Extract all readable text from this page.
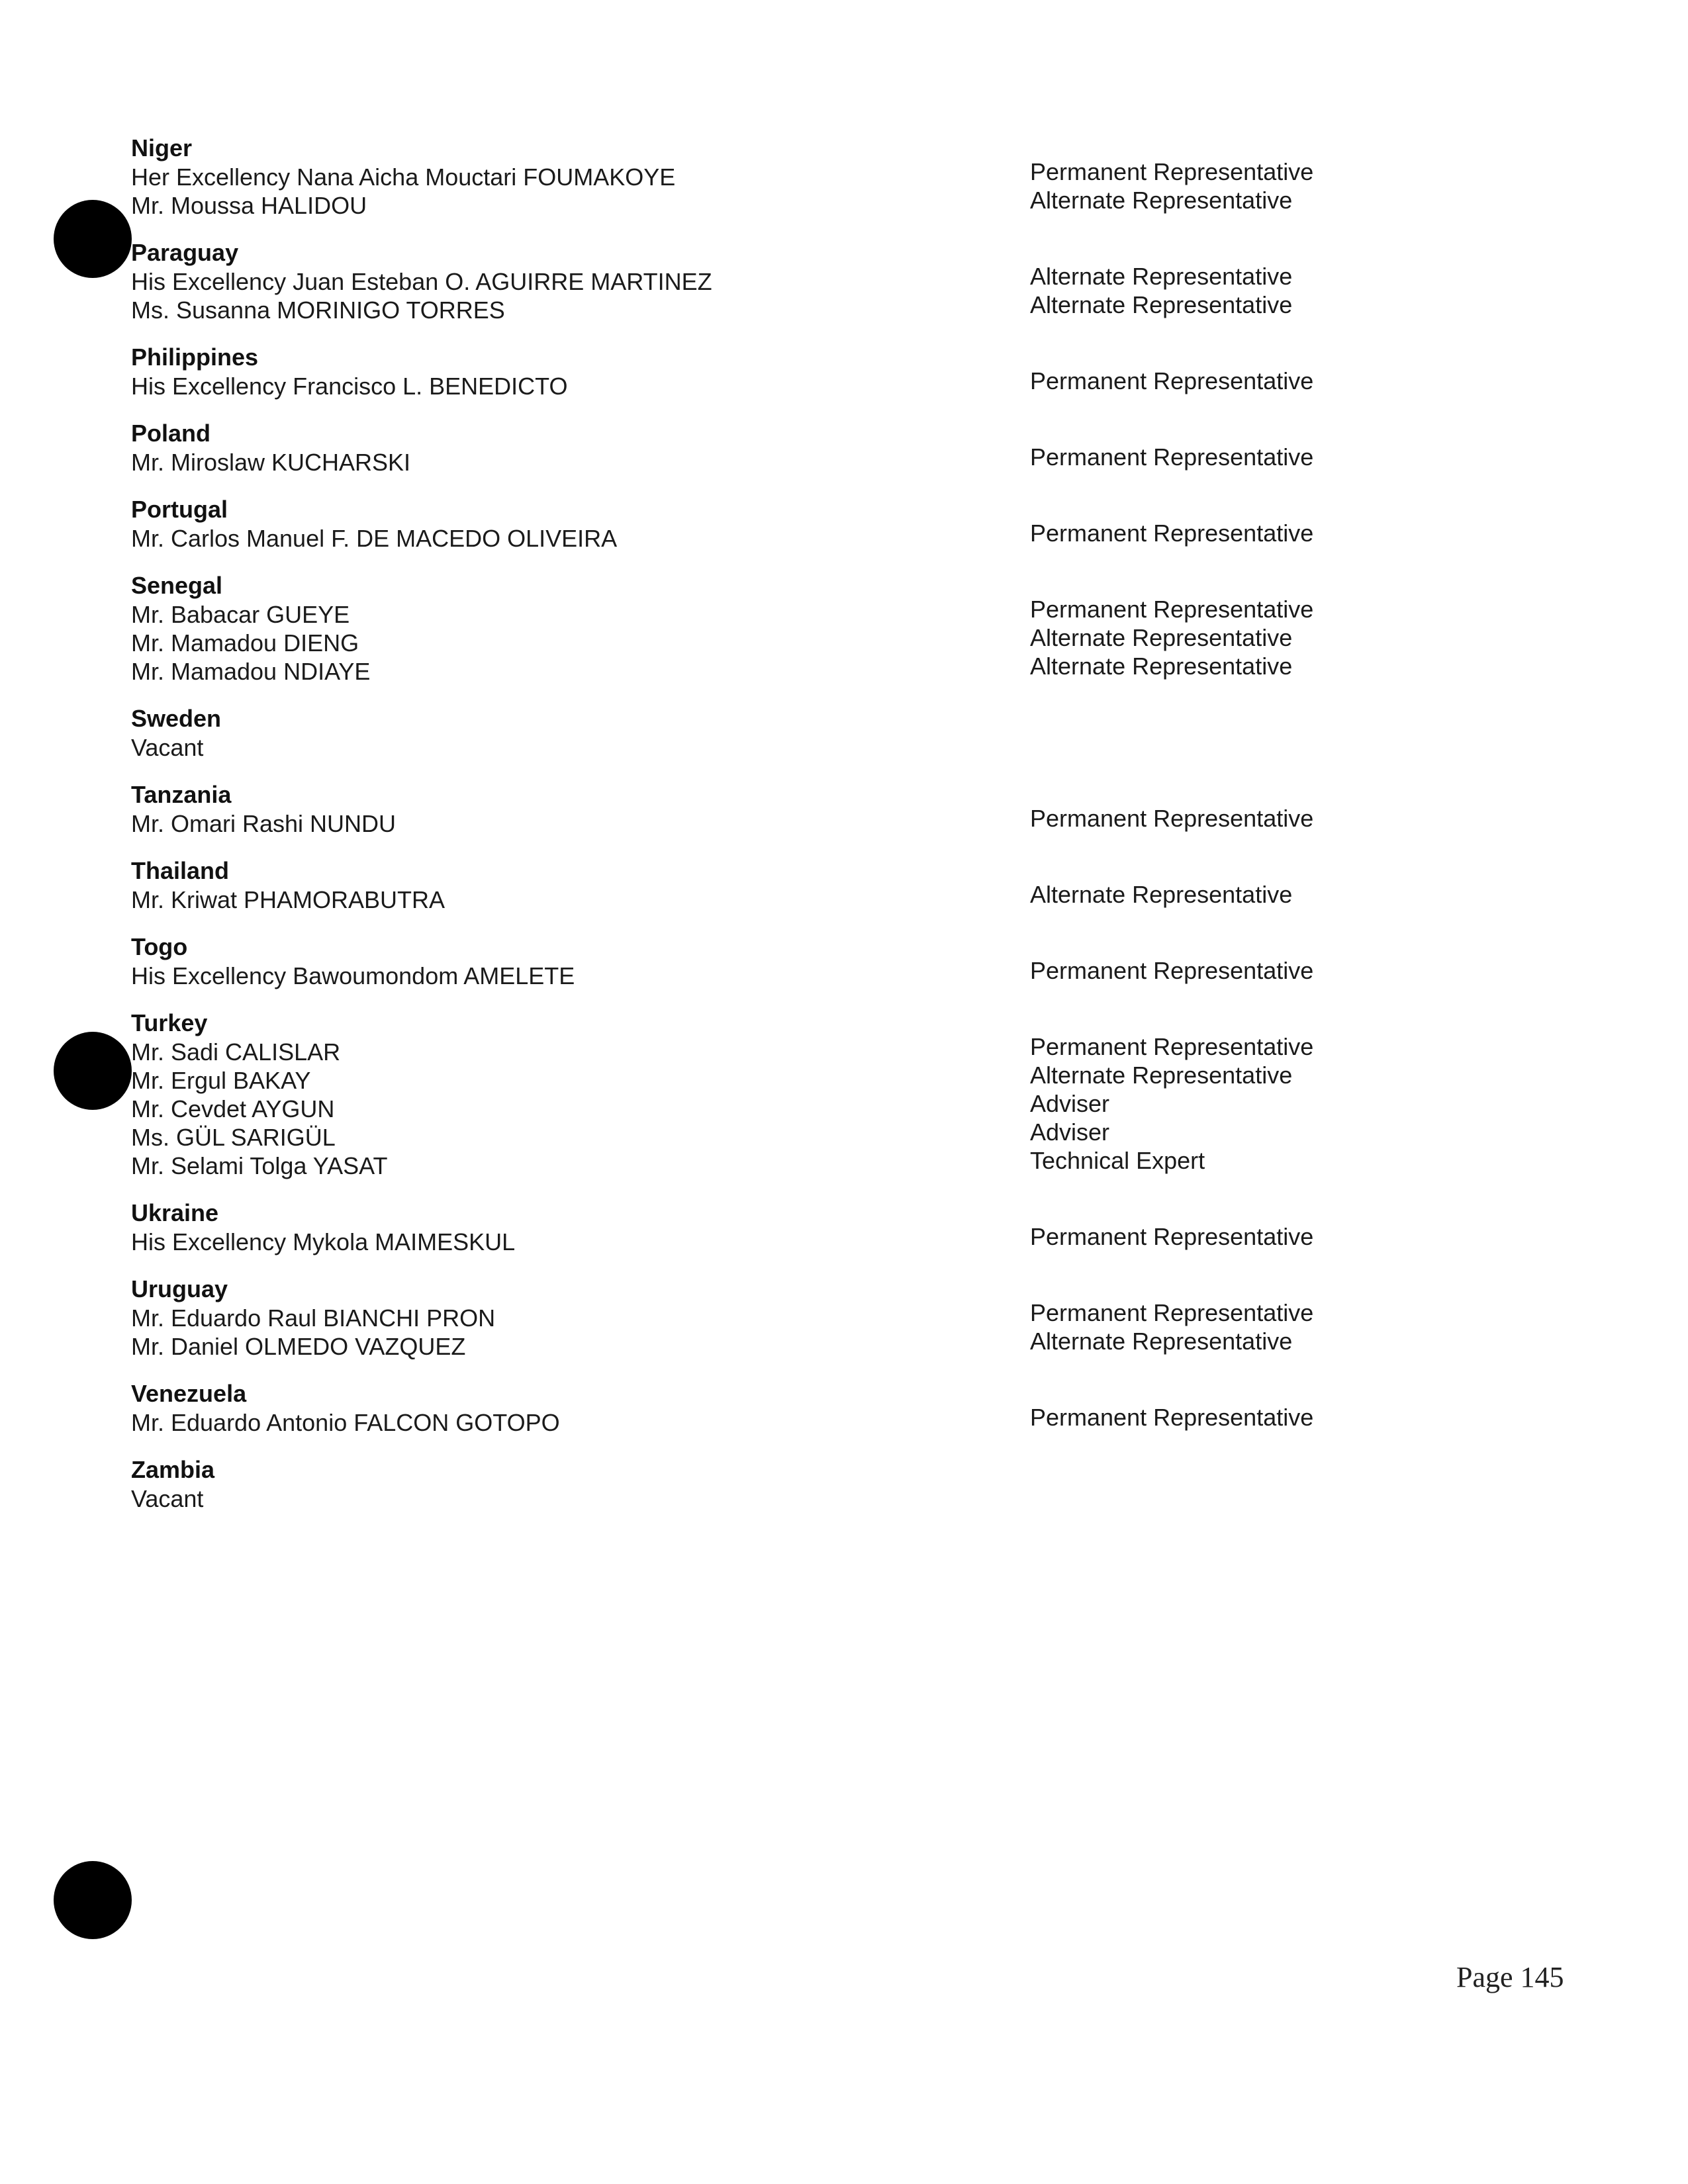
Niger
Her Excellency Nana Aicha Mouctari FOUMAKOYE	Permanent Representative
Mr. Moussa HALIDOU	Alternate Representative
Paraguay
His Excellency Juan Esteban O. AGUIRRE MARTINEZ	Alternate Representative
Ms. Susanna MORINIGO TORRES	Alternate Representative
Philippines
His Excellency Francisco L. BENEDICTO	Permanent Representative
Poland
Mr. Miroslaw KUCHARSKI	Permanent Representative
Portugal
Mr. Carlos Manuel F. DE MACEDO OLIVEIRA	Permanent Representative
Senegal
Mr. Babacar GUEYE	Permanent Representative
Mr. Mamadou DIENG	Alternate Representative
Mr. Mamadou NDIAYE	Alternate Representative
Sweden
Vacant
Tanzania
Mr. Omari Rashi NUNDU	Permanent Representative
Thailand
Mr. Kriwat PHAMORABUTRA	Alternate Representative
Togo
His Excellency Bawoumondom AMELETE	Permanent Representative
Turkey
Mr. Sadi CALISLAR	Permanent Representative
Mr. Ergul BAKAY	Alternate Representative
Mr. Cevdet AYGUN	Adviser
Ms. GÜL SARIGÜL	Adviser
Mr. Selami Tolga YASAT	Technical Expert
Ukraine
His Excellency Mykola MAIMESKUL	Permanent Representative
Uruguay
Mr. Eduardo Raul BIANCHI PRON	Permanent Representative
Mr. Daniel OLMEDO VAZQUEZ	Alternate Representative
Venezuela
Mr. Eduardo Antonio FALCON GOTOPO	Permanent Representative
Zambia
Vacant
Page 145
